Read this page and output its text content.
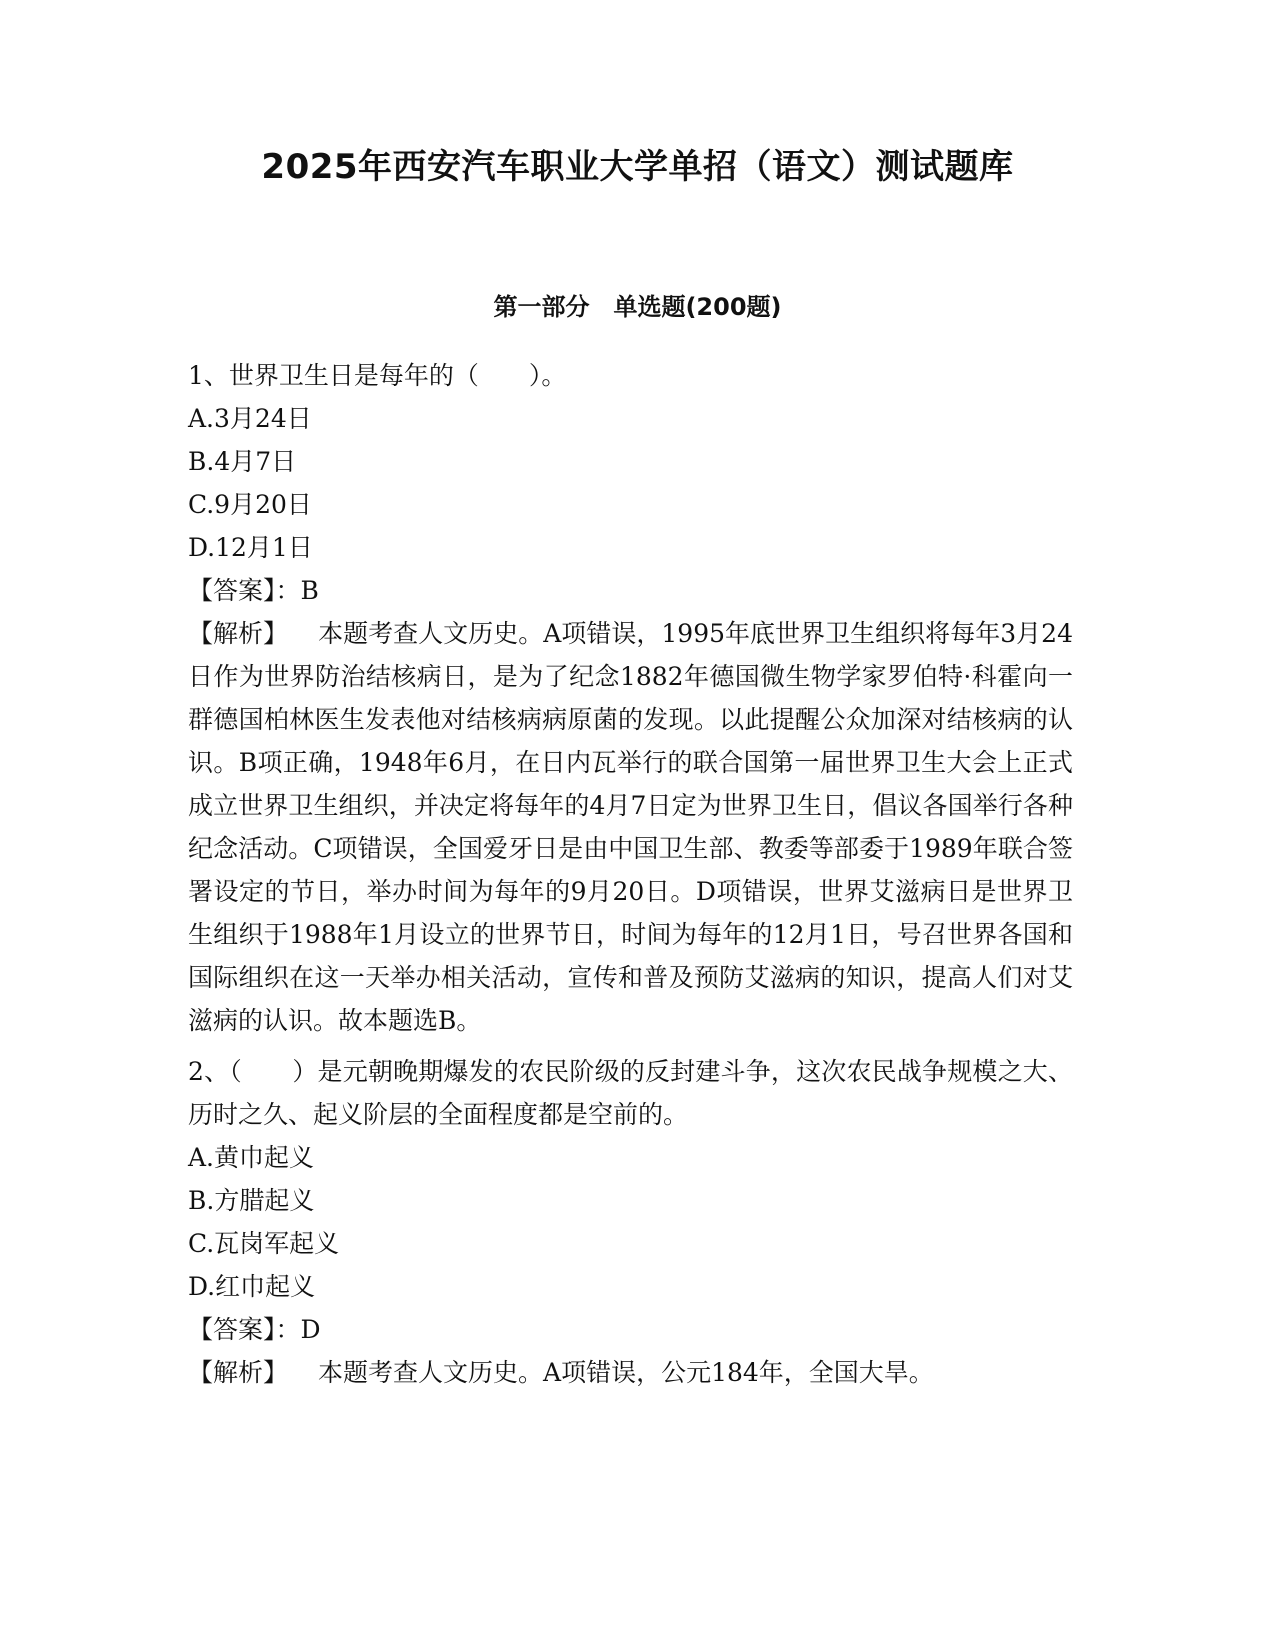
2025年西安汽车职业大学单招（语文）测试题库
第一部分　单选题(200题)

1、世界卫生日是每年的（　　）。

A.3月24日

B.4月7日

C.9月20日

D.12月1日

【答案】：B

【解析】 本题考查人文历史。A项错误，1995年底世界卫生组织将每年3月24日作为世界防治结核病日，是为了纪念1882年德国微生物学家罗伯特·科霍向一群德国柏林医生发表他对结核病病原菌的发现。以此提醒公众加深对结核病的认识。B项正确，1948年6月，在日内瓦举行的联合国第一届世界卫生大会上正式成立世界卫生组织，并决定将每年的4月7日定为世界卫生日，倡议各国举行各种纪念活动。C项错误，全国爱牙日是由中国卫生部、教委等部委于1989年联合签署设定的节日，举办时间为每年的9月20日。D项错误，世界艾滋病日是世界卫生组织于1988年1月设立的世界节日，时间为每年的12月1日，号召世界各国和国际组织在这一天举办相关活动，宣传和普及预防艾滋病的知识，提高人们对艾滋病的认识。故本题选B。

2、（　　）是元朝晚期爆发的农民阶级的反封建斗争，这次农民战争规模之大、历时之久、起义阶层的全面程度都是空前的。

A.黄巾起义

B.方腊起义

C.瓦岗军起义

D.红巾起义

【答案】：D

【解析】 本题考查人文历史。A项错误，公元184年，全国大旱。
